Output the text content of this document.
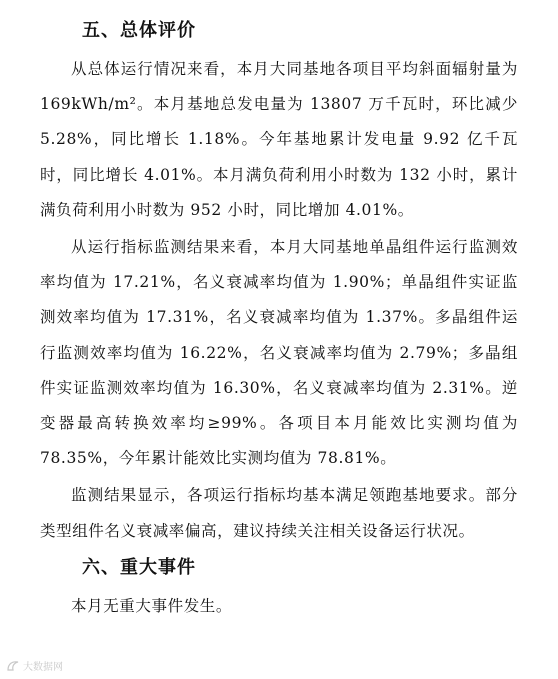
五、总体评价

从总体运行情况来看，本月大同基地各项目平均斜面辐射量为 169kWh/m²。本月基地总发电量为 13807 万千瓦时，环比减少 5.28%，同比增长 1.18%。今年基地累计发电量 9.92 亿千瓦时，同比增长 4.01%。本月满负荷利用小时数为 132 小时，累计满负荷利用小时数为 952 小时，同比增加 4.01%。

从运行指标监测结果来看，本月大同基地单晶组件运行监测效率均值为 17.21%，名义衰减率均值为 1.90%；单晶组件实证监测效率均值为 17.31%，名义衰减率均值为 1.37%。多晶组件运行监测效率均值为 16.22%，名义衰减率均值为 2.79%；多晶组件实证监测效率均值为 16.30%，名义衰减率均值为 2.31%。逆变器最高转换效率均≥99%。各项目本月能效比实测均值为 78.35%，今年累计能效比实测均值为 78.81%。

监测结果显示，各项运行指标均基本满足领跑基地要求。部分类型组件名义衰减率偏高，建议持续关注相关设备运行状况。

六、重大事件

本月无重大事件发生。

大数据网
